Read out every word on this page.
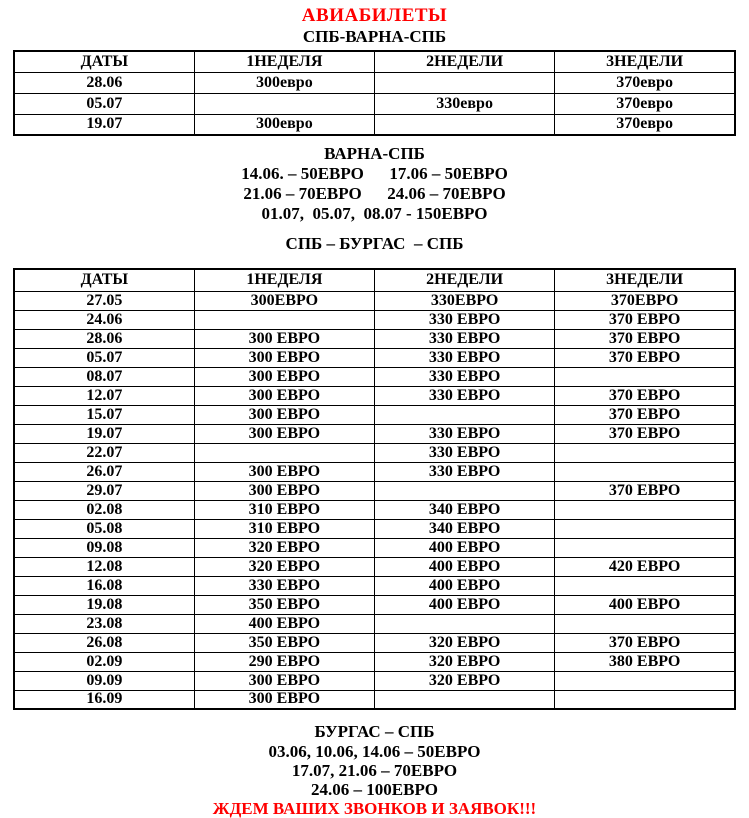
АВИАБИЛЕТЫ
СПБ-ВАРНА-СПБ
ДАТЫ	1НЕДЕЛЯ	2НЕДЕЛИ	3НЕДЕЛИ
28.06	300евро		370евро
05.07		330евро	370евро
19.07	300евро		370евро
ВАРНА-СПБ
14.06. – 50ЕВРО      17.06 – 50ЕВРО
21.06 – 70ЕВРО      24.06 – 70ЕВРО
01.07,  05.07,  08.07 - 150ЕВРО
СПБ – БУРГАС  – СПБ
ДАТЫ	1НЕДЕЛЯ	2НЕДЕЛИ	3НЕДЕЛИ
27.05	300ЕВРО	330ЕВРО	370ЕВРО
24.06		330 ЕВРО	370 ЕВРО
28.06	300 ЕВРО	330 ЕВРО	370 ЕВРО
05.07	300 ЕВРО	330 ЕВРО	370 ЕВРО
08.07	300 ЕВРО	330 ЕВРО	
12.07	300 ЕВРО	330 ЕВРО	370 ЕВРО
15.07	300 ЕВРО		370 ЕВРО
19.07	300 ЕВРО	330 ЕВРО	370 ЕВРО
22.07		330 ЕВРО	
26.07	300 ЕВРО	330 ЕВРО	
29.07	300 ЕВРО		370 ЕВРО
02.08	310 ЕВРО	340 ЕВРО	
05.08	310 ЕВРО	340 ЕВРО	
09.08	320 ЕВРО	400 ЕВРО	
12.08	320 ЕВРО	400 ЕВРО	420 ЕВРО
16.08	330 ЕВРО	400 ЕВРО	
19.08	350 ЕВРО	400 ЕВРО	400 ЕВРО
23.08	400 ЕВРО		
26.08	350 ЕВРО	320 ЕВРО	370 ЕВРО
02.09	290 ЕВРО	320 ЕВРО	380 ЕВРО
09.09	300 ЕВРО	320 ЕВРО	
16.09	300 ЕВРО		
БУРГАС – СПБ
03.06, 10.06, 14.06 – 50ЕВРО
17.07, 21.06 – 70ЕВРО
24.06 – 100ЕВРО
ЖДЕМ ВАШИХ ЗВОНКОВ И ЗАЯВОК!!!
